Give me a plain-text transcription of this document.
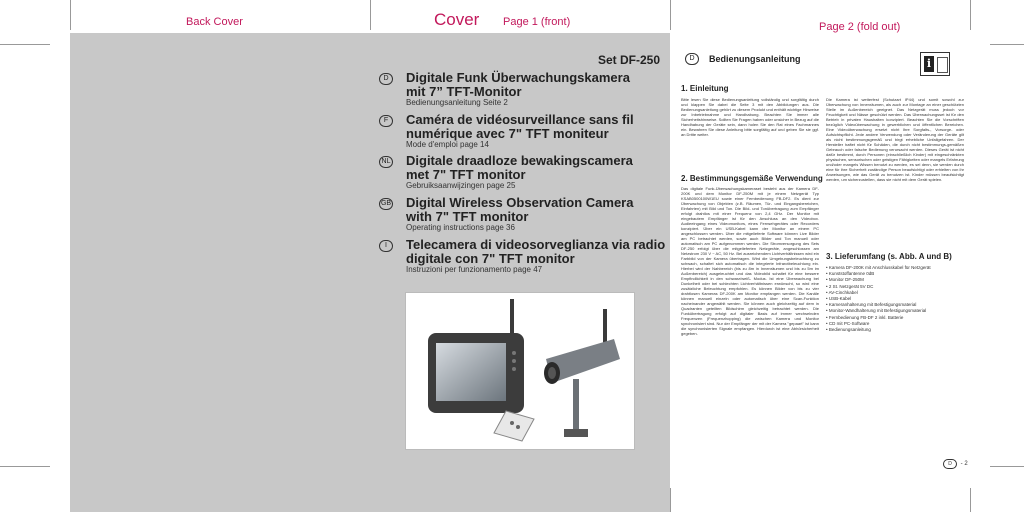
Back Cover	Cover Page 1 (front)	Page 2 (fold out)
Set DF-250
D	Digitale Funk Überwachungskamera
mit 7” TFT-Monitor
Bedienungsanleitung Seite 2
F	Caméra de vidéosurveillance sans fil
numérique avec 7" TFT moniteur
Mode d'emploi page 14
NL Digitale draadloze bewakingscamera
met 7" TFT monitor
Gebruiksaanwijzingen page 25
GB Digital Wireless Observation Camera
with 7" TFT monitor
Operating instructions page 36
I	Telecamera di videosorveglianza via radio
digitale con 7" TFT monitor
Instruzioni per funzionamento page 47
D	Bedienungsanleitung	i
1. Einleitung
Bitte lesen Sie diese Bedienungsanleitung vollständig und sorgfältig durch und klappen Sie dabei die Seite 3 mit den Abbildungen aus. Die Bedienungsanleitung gehört zu diesem Produkt und enthält wichtige Hinweise zur Inbetriebnahme und Handhabung. Beachten Sie immer alle Sicherheitshinweise. Sollten Sie Fragen haben oder unsicher in Bezug auf die Handhabung der Geräte sein, dann holen Sie den Rat eines Fachmannes ein. Bewahren Sie diese Anleitung bitte sorgfältig auf und geben Sie sie ggf. an Dritte weiter.
2. Bestimmungsgemäße Verwendung
Das digitale Funk-Überwachungskameraset besteht aus der Kamera DF-200K und dem Monitor DF-250M mit je einem Netzgerät Typ KSAB0500100W1EU sowie einer Fernbedienung FB-DF2. Es dient zur Überwachung von Objekten (z.B. Räumen, Tür- und Eingangsbereichen, Einfahrten) mit Bild und Ton. Die Bild- und Tonübertragung zum Empfänger erfolgt drahtlos mit einer Frequenz von 2,4 GHz. Der Monitor mit eingebautem Empfänger ist für den Anschluss an den Videobox. Audieeingang eines Videomonitors, eines Fernsehgerätes oder Recorders konzipiert. Über ein USB-Kabel kann der Monitor an einem PC angeschlossen werden. Über die mitgelieferte Software können Live Bilder am PC betrachtet werden, sowie auch Bilder und Ton manuell oder automatisch am PC aufgenommen werden. Die Stromversorgung des Sets DF-250 erfolgt über die mitgelieferten Netzgeräte, angeschlossen am Netzstrom 230 V ~ AC, 50 Hz. Bei ausreichendem Lichtverhältnissen wird ein Farbbild von der Kamera übertragen. Wird die Umgebungsbeleuchtung zu schwach, schaltet sich automatisch die integrierte Infrarotbeleuchtung ein. Hierbei wird der Nahbereich (bis zu 8m in Innenräumen und bis zu 5m im Außenbereich) ausgeleuchtet und das Videobild schaltet für eine bessere Empfindlichkeit in den schwarz/weiß- Modus. Ist eine Überwachung bei Dunkelheit oder bei schlechten Lichtverhältnissen erwünscht, so wird eine zusätzliche Beleuchtung empfohlen. Es können Bilder von bis zu vier drahtlosen Kameras DF-200K am Monitor empfangen werden. Die Kanäle können manuell einzeln oder automatisch über eine Scan-Funktion nacheinander angewählt werden. Sie können auch gleichzeitig auf dem in Quadranten geteilten Bildschirm gleichzeitig betrachtet werden. Die Funkübertragung erfolgt auf digitaler Basis auf immer wechselnden Frequenzen (Frequenzhopping) die zwischen Kamera und Monitor synchronisiert sind. Nur der Empfänger der mit der Kamera "gepaart" ist kann die synchronisierten Signale empfangen. Hierdurch ist eine Abhörsicherheit gegeben.
Die Kamera ist wetterfest (Schutzart IP44) und somit sowohl zur Überwachung von Innenräumen, als auch zur Montage an einer geschützten Stelle im Außenbereich geeignet. Das Netzgerät muss jedoch vor Feuchtigkeit und Nässe geschützt werden. Das Überwachungsset ist für den Betrieb in privaten Haushalten konzipiert. Beachten Sie die Vorschriften bezüglich Videoüberwachung in gewerblichen und öffentlichen Bereichen. Eine Videoüberwachung ersetzt nicht Ihre Sorgfalts-, Vorsorge- oder Aufsichtspflicht. Jede andere Verwendung oder Veränderung der Geräte gilt als nicht bestimmungsgemäß und birgt erhebliche Unfallgefahren. Der Hersteller haftet nicht für Schäden, die durch nicht bestimmungs-gemäßen Gebrauch oder falsche Bedienung verursacht werden. Dieses Gerät ist nicht dafür bestimmt, durch Personen (einschließlich Kinder) mit eingeschränkten physischen, sensorischen oder geistigen Fähigkeiten oder mangels Erfahrung und/oder mangels Wissen benutzt zu werden, es sei denn, sie werden durch eine für ihre Sicherheit zuständige Person beaufsichtigt oder erhielten von ihr Anweisungen, wie das Gerät zu benutzen ist. Kinder müssen beaufsichtigt werden, um sicherzustellen, dass sie nicht mit dem Gerät spielen.
3. Lieferumfang (s. Abb. A und B)
• Kamera DF-200K mit Anschlusskabel für Netzgerät
• Kunststoffantenne 0dB
• Monitor DF-250M
• 2 St. Netzgerät 5V DC
• AV-Cinchkabel
• USB-Kabel
• Kameranhalterung mit Befestigungsmaterial
• Monitor-Wandhalterung mit Befestigungsmaterial
• Fernbedienung FB-DF 2 inkl. Batterie
• CD mit PC-Software
• Bedienungsanleitung
D - 2
